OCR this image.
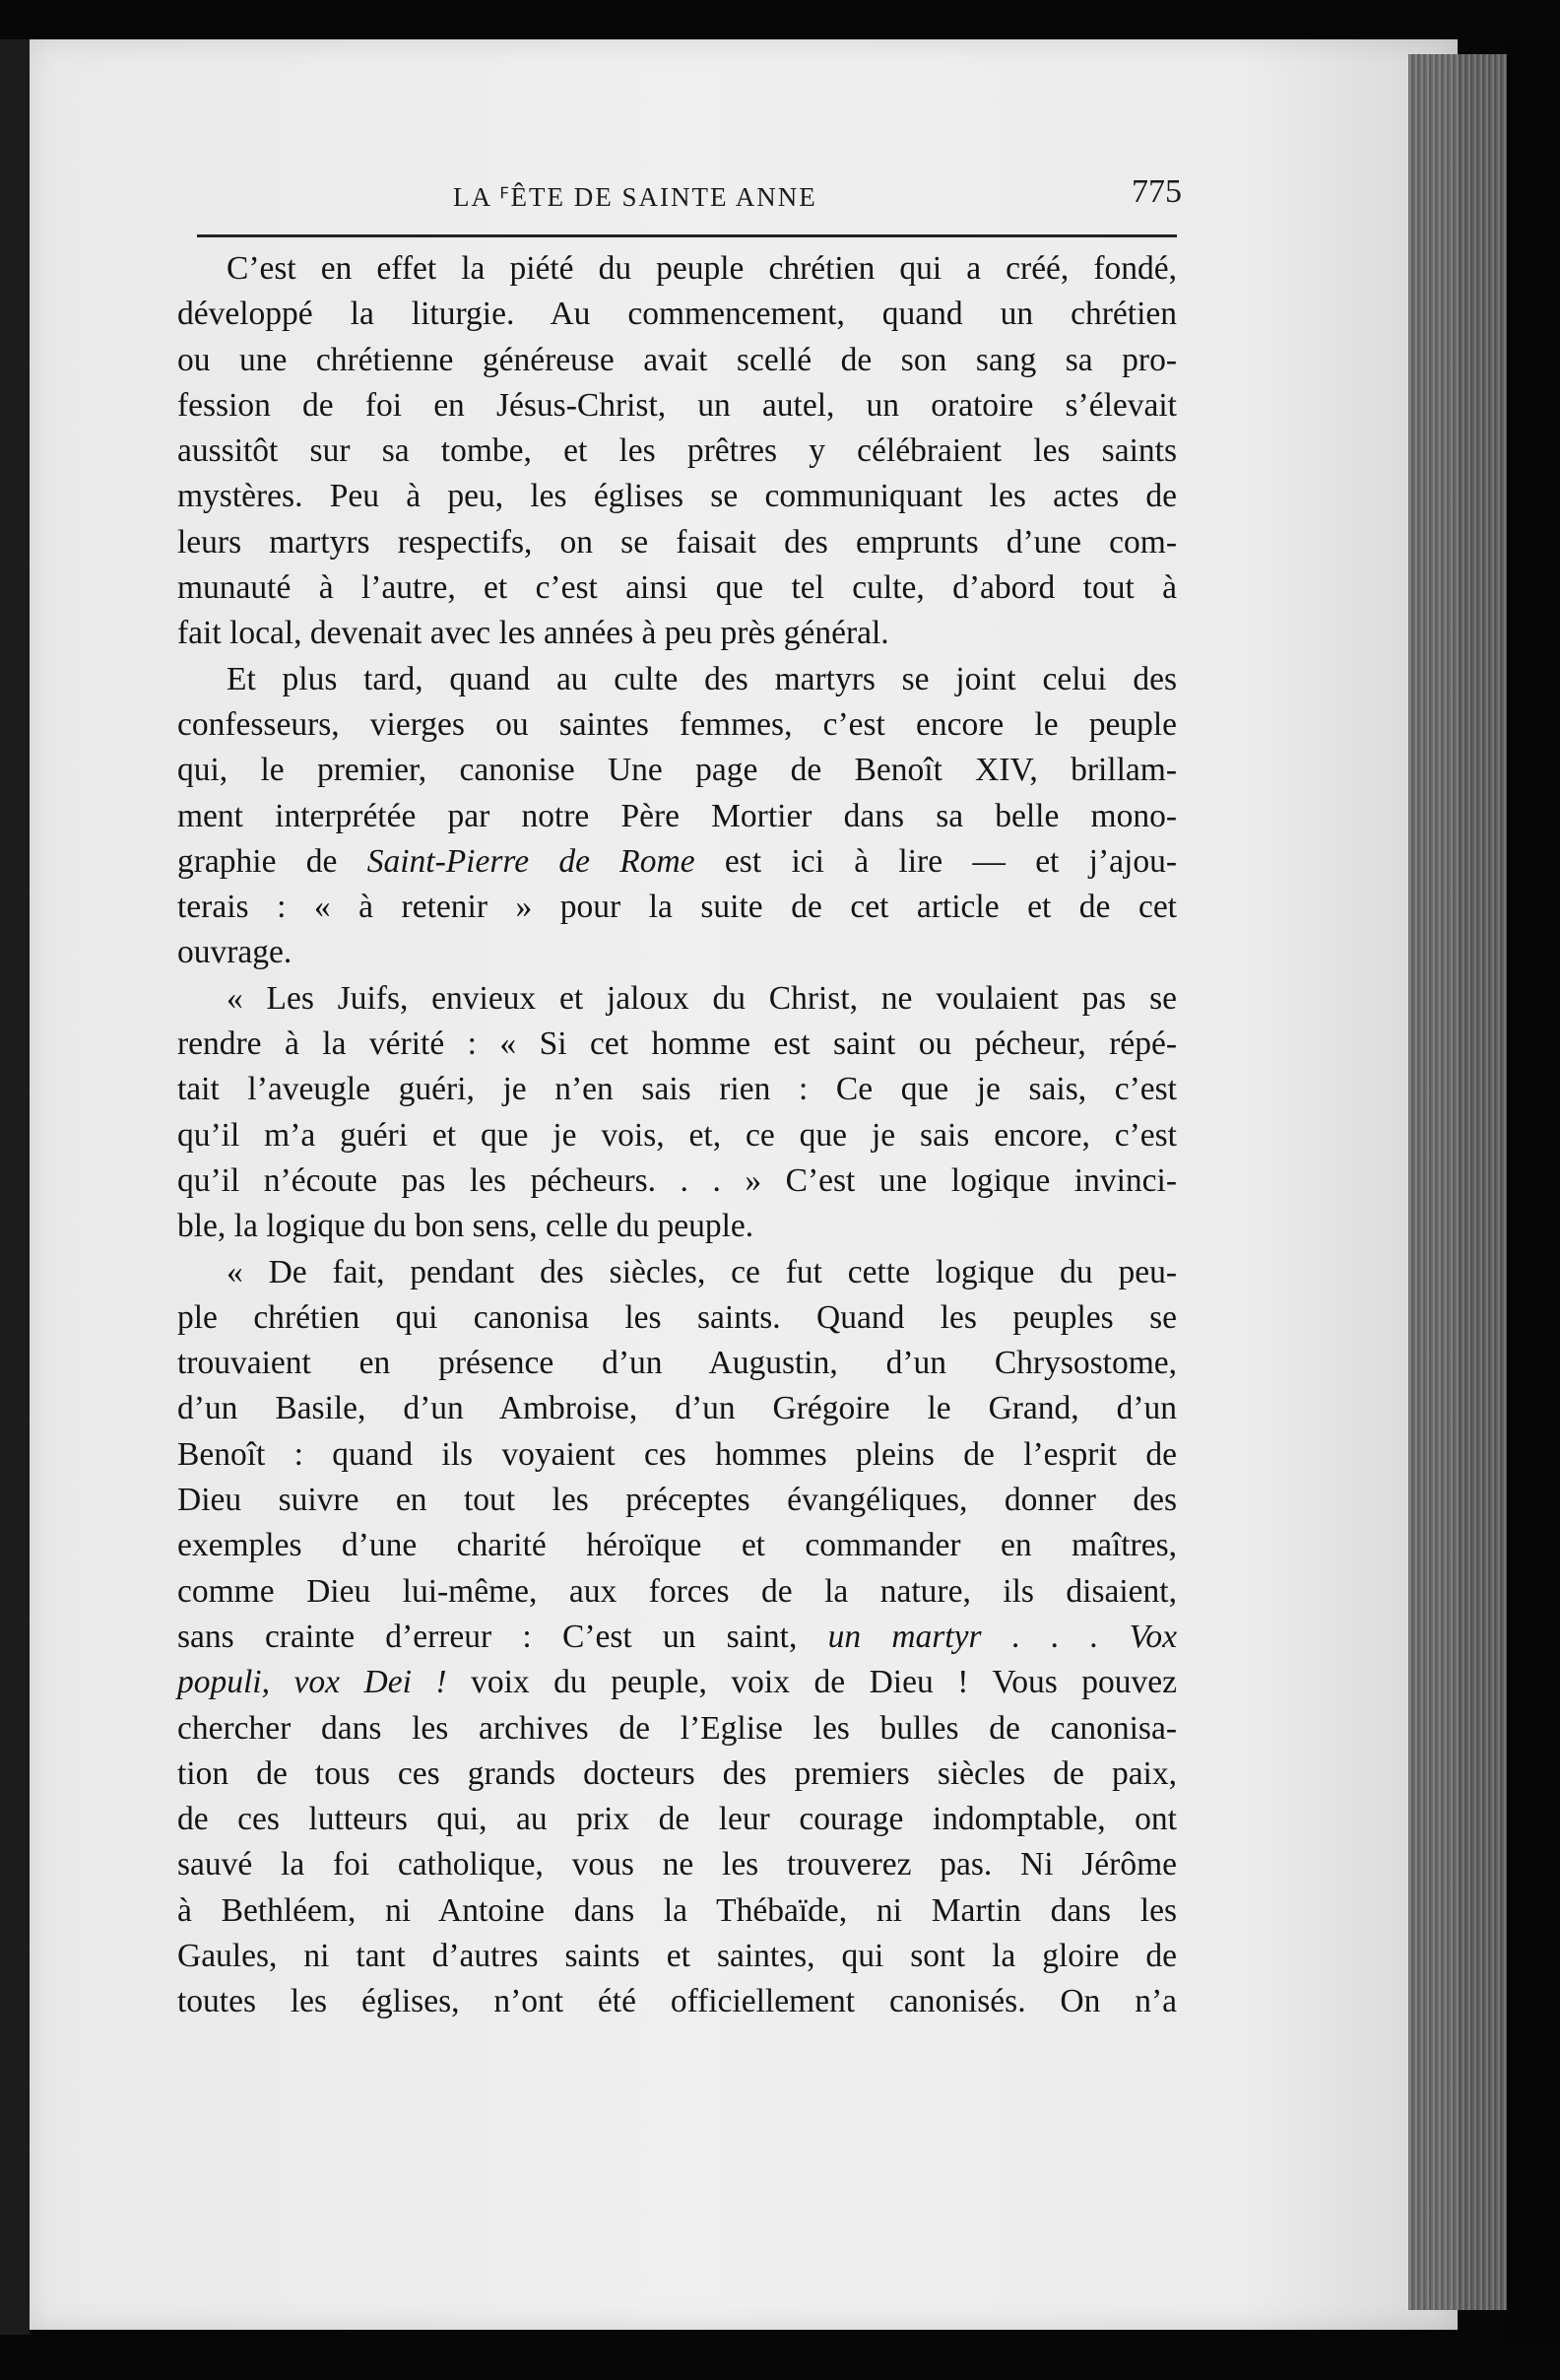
LA ꟳÊTE DE SAINTE ANNE	775
C’est en effet la piété du peuple chrétien qui a créé, fondé,
développé la liturgie. Au commencement, quand un chrétien
ou une chrétienne généreuse avait scellé de son sang sa pro-
fession de foi en Jésus-Christ, un autel, un oratoire s’élevait
aussitôt sur sa tombe, et les prêtres y célébraient les saints
mystères. Peu à peu, les églises se communiquant les actes de
leurs martyrs respectifs, on se faisait des emprunts d’une com-
munauté à l’autre, et c’est ainsi que tel culte, d’abord tout à
fait local, devenait avec les années à peu près général.
Et plus tard, quand au culte des martyrs se joint celui des
confesseurs, vierges ou saintes femmes, c’est encore le peuple
qui, le premier, canonise Une page de Benoît XIV, brillam-
ment interprétée par notre Père Mortier dans sa belle mono-
graphie de Saint-Pierre de Rome est ici à lire — et j’ajou-
terais : « à retenir » pour la suite de cet article et de cet
ouvrage.
« Les Juifs, envieux et jaloux du Christ, ne voulaient pas se
rendre à la vérité : « Si cet homme est saint ou pécheur, répé-
tait l’aveugle guéri, je n’en sais rien : Ce que je sais, c’est
qu’il m’a guéri et que je vois, et, ce que je sais encore, c’est
qu’il n’écoute pas les pécheurs. . . » C’est une logique invinci-
ble, la logique du bon sens, celle du peuple.
« De fait, pendant des siècles, ce fut cette logique du peu-
ple chrétien qui canonisa les saints. Quand les peuples se
trouvaient en présence d’un Augustin, d’un Chrysostome,
d’un Basile, d’un Ambroise, d’un Grégoire le Grand, d’un
Benoît : quand ils voyaient ces hommes pleins de l’esprit de
Dieu suivre en tout les préceptes évangéliques, donner des
exemples d’une charité héroïque et commander en maîtres,
comme Dieu lui-même, aux forces de la nature, ils disaient,
sans crainte d’erreur : C’est un saint, un martyr . . . Vox
populi, vox Dei ! voix du peuple, voix de Dieu ! Vous pouvez
chercher dans les archives de l’Eglise les bulles de canonisa-
tion de tous ces grands docteurs des premiers siècles de paix,
de ces lutteurs qui, au prix de leur courage indomptable, ont
sauvé la foi catholique, vous ne les trouverez pas. Ni Jérôme
à Bethléem, ni Antoine dans la Thébaïde, ni Martin dans les
Gaules, ni tant d’autres saints et saintes, qui sont la gloire de
toutes les églises, n’ont été officiellement canonisés. On n’a
